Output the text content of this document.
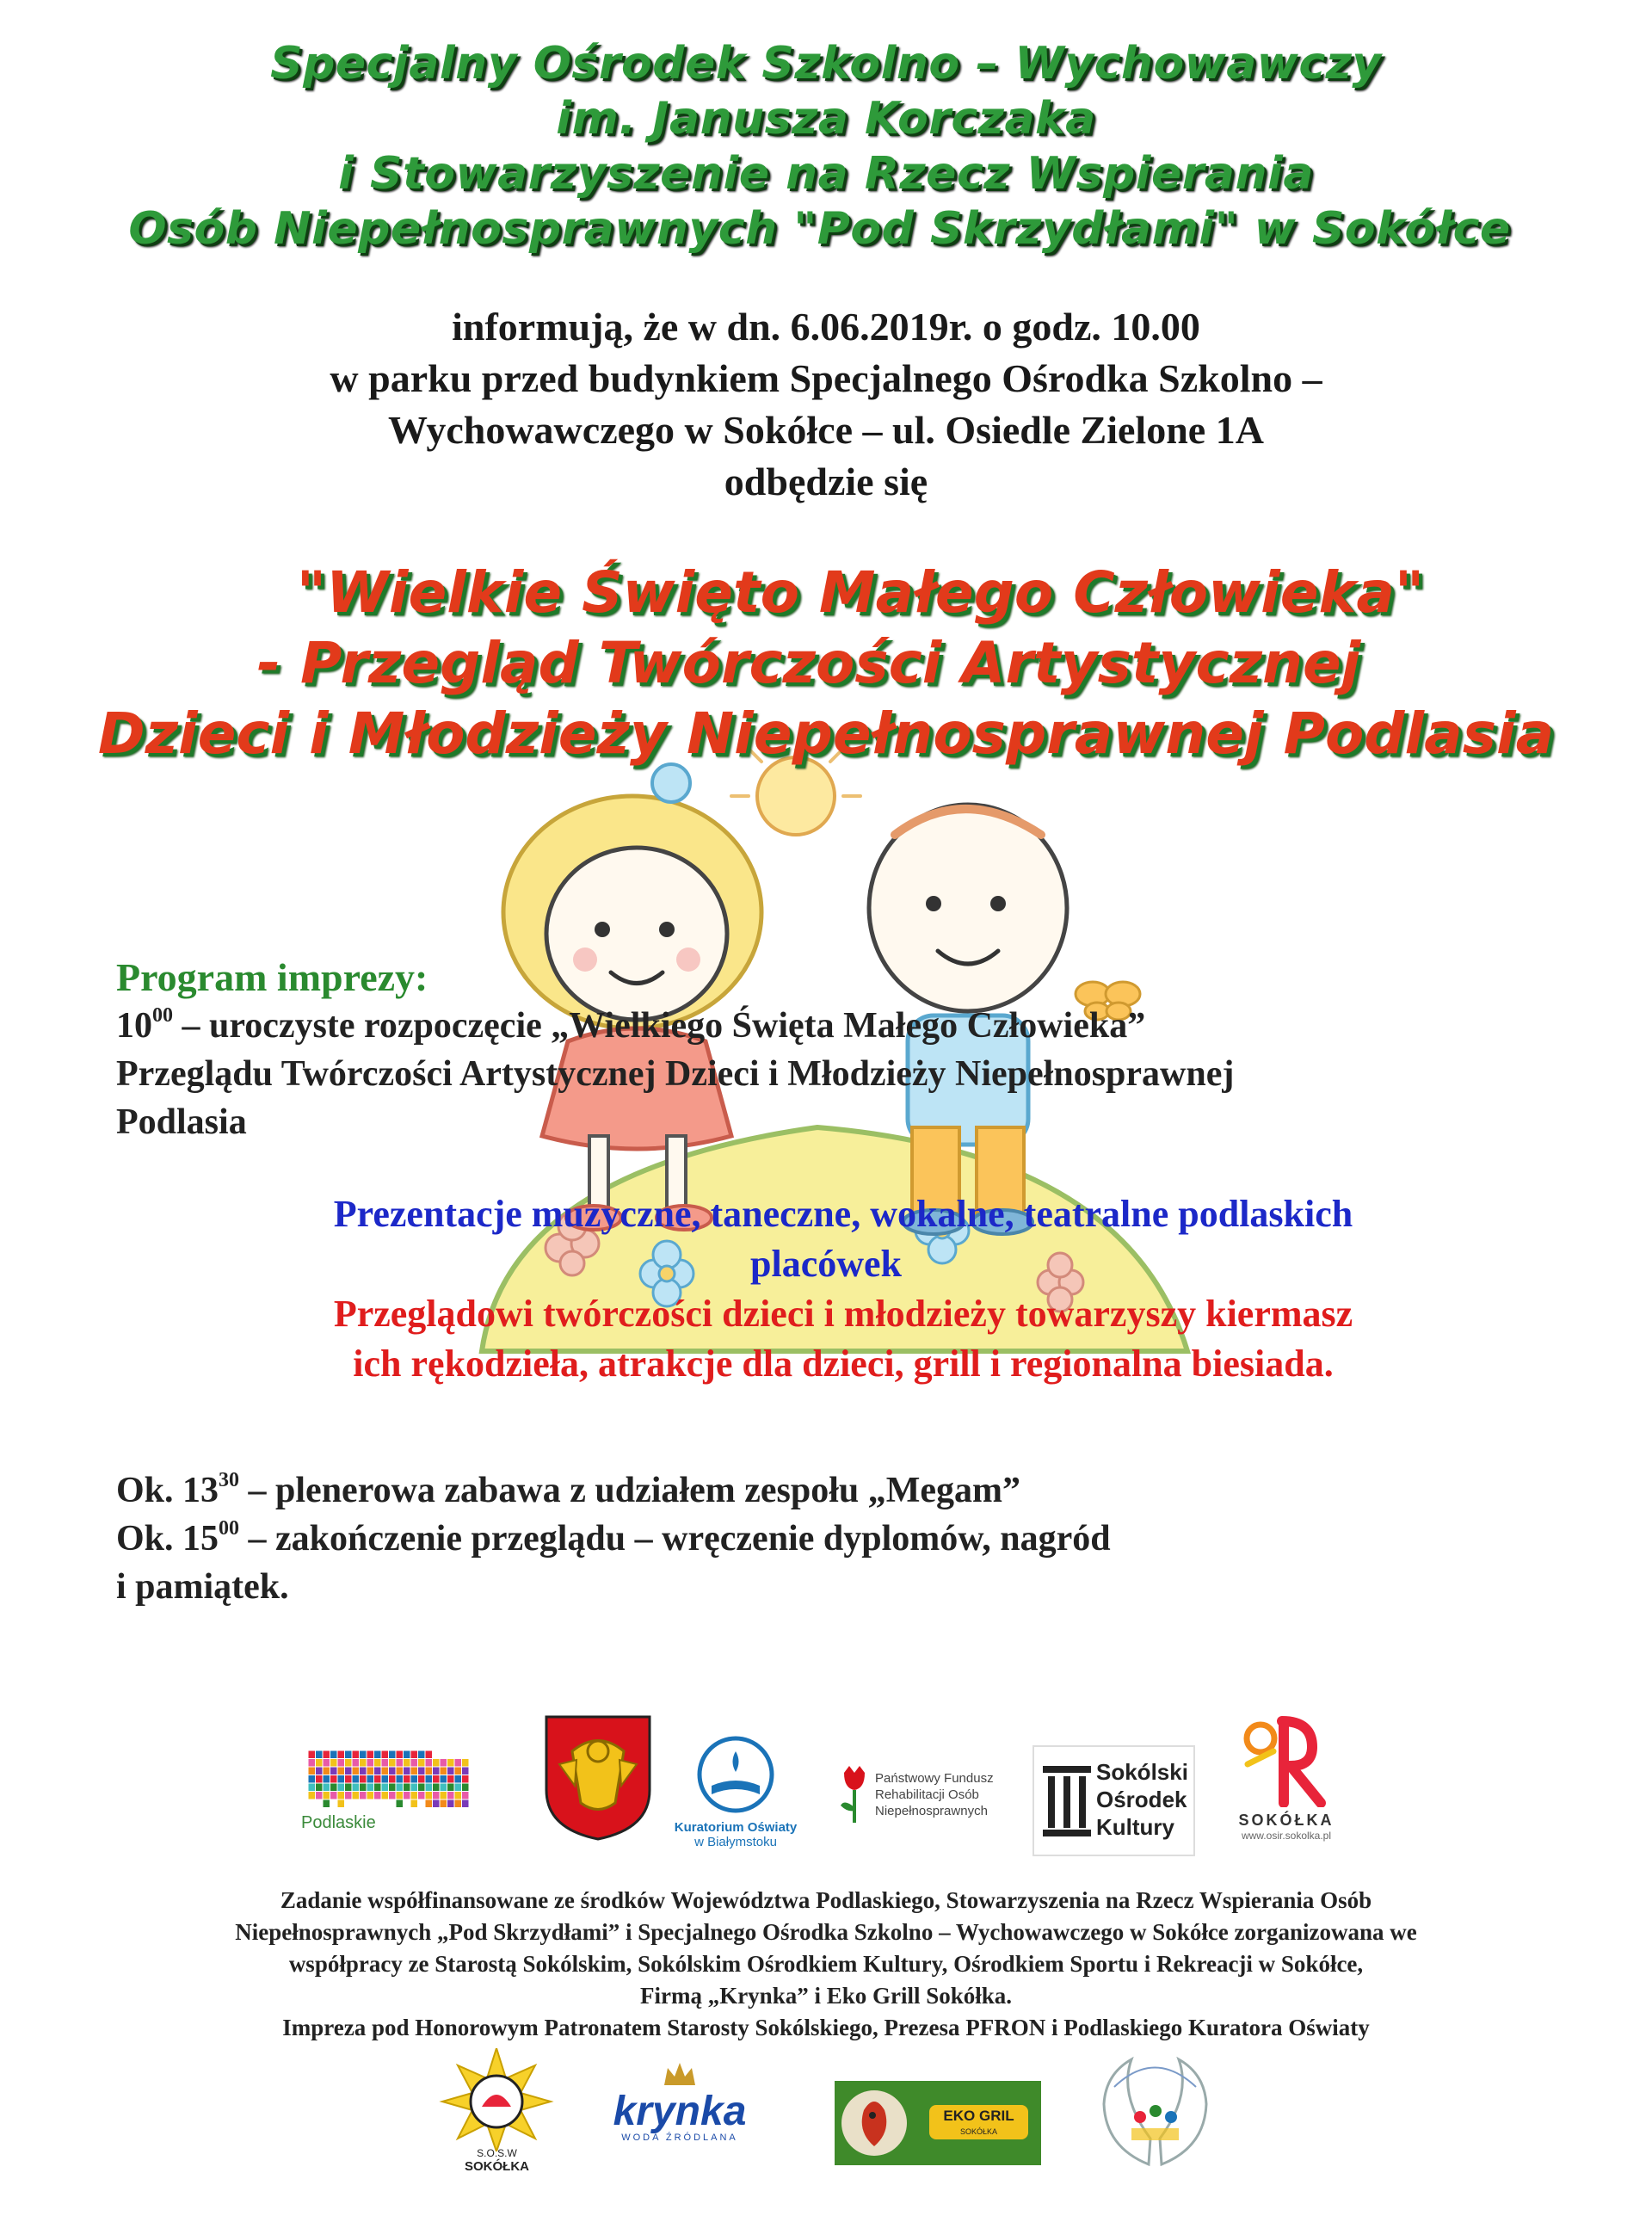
Specjalny Ośrodek Szkolno – Wychowawczy
im. Janusza Korczaka
i Stowarzyszenie na Rzecz Wspierania
Osób Niepełnosprawnych "Pod Skrzydłami" w Sokółce
informują, że w dn. 6.06.2019r. o godz. 10.00
w parku przed budynkiem Specjalnego Ośrodka Szkolno –
Wychowawczego w Sokółce – ul. Osiedle Zielone 1A
odbędzie się
"Wielkie Święto Małego Człowieka"
- Przegląd Twórczości Artystycznej
Dzieci i Młodzieży Niepełnosprawnej Podlasia
Program imprezy:
$10^{00}$ – uroczyste rozpoczęcie „Wielkiego Święta Małego Człowieka”
Przeglądu Twórczości Artystycznej Dzieci i Młodzieży Niepełnosprawnej
Podlasia
Prezentacje muzyczne, taneczne, wokalne, teatralne podlaskich
placówek
Przeglądowi twórczości dzieci i młodzieży towarzyszy kiermasz
ich rękodzieła, atrakcje dla dzieci, grill i regionalna biesiada.
Ok. $13^{30}$ – plenerowa zabawa z udziałem zespołu „Megam”
Ok. $15^{00}$ – zakończenie przeglądu – wręczenie dyplomów, nagród
i pamiątek.
Podlaskie	Kuratorium Oświaty
w Białymstoku
Państwowy Fundusz
Rehabilitacji Osób
Niepełnosprawnych
Sokólski
Ośrodek
Kultury	SOKÓŁKA
www.osir.sokolka.pl
Zadanie współfinansowane ze środków Województwa Podlaskiego, Stowarzyszenia na Rzecz Wspierania Osób
Niepełnosprawnych „Pod Skrzydłami” i Specjalnego Ośrodka Szkolno – Wychowawczego w Sokółce zorganizowana we
współpracy ze Starostą Sokólskim, Sokólskim Ośrodkiem Kultury, Ośrodkiem Sportu i Rekreacji w Sokółce,
Firmą „Krynka” i Eko Grill Sokółka.
Impreza pod Honorowym Patronatem Starosty Sokólskiego, Prezesa PFRON i Podlaskiego Kuratora Oświaty
S.O.S.W
SOKÓŁKA
krynka
WODA ŹRÓDLANA
EKO GRIL
SOKÓŁKA
